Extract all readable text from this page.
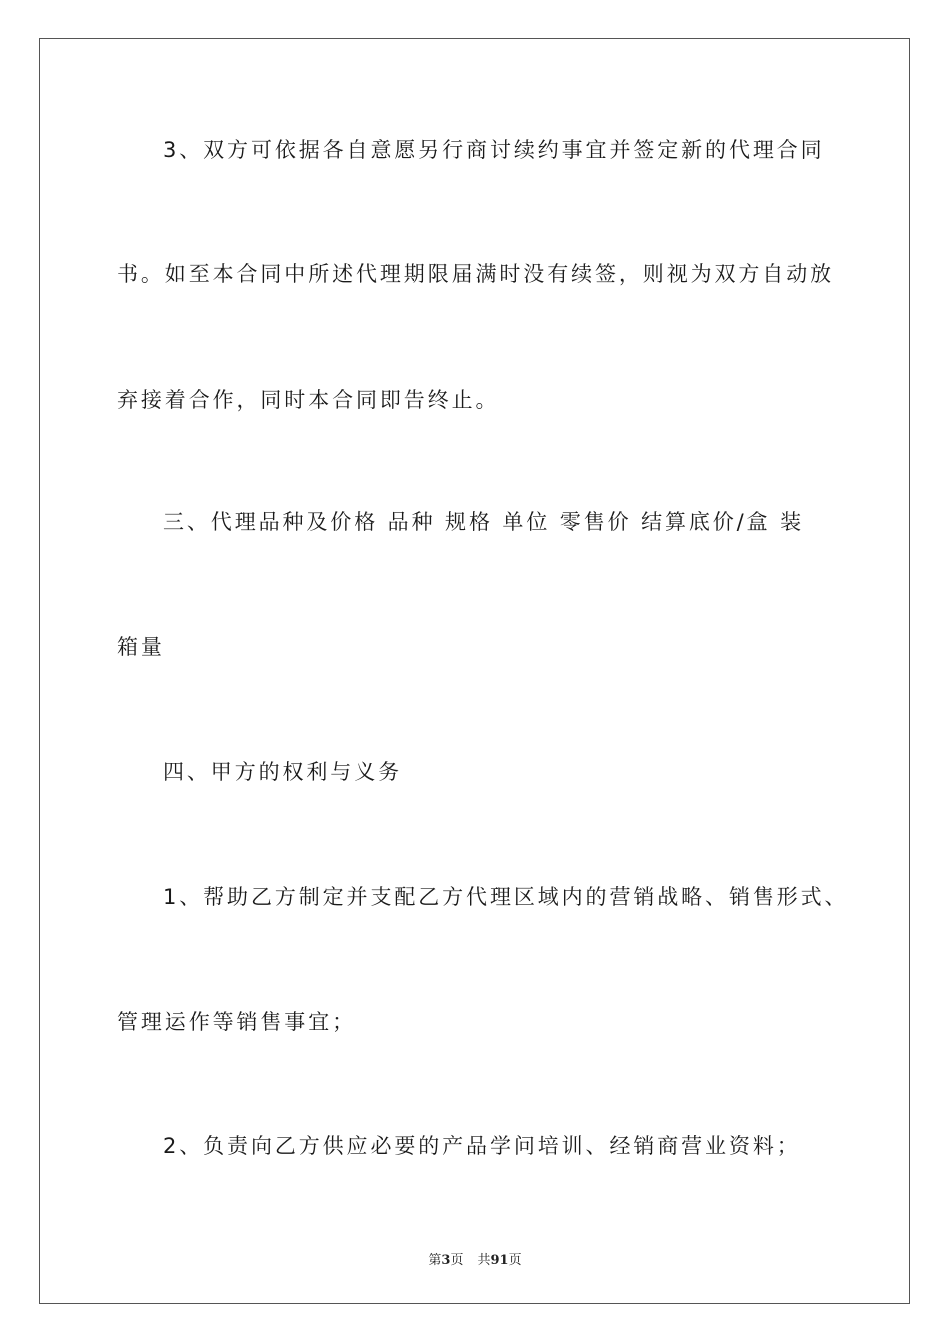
3、双方可依据各自意愿另行商讨续约事宜并签定新的代理合同
书。如至本合同中所述代理期限届满时没有续签，则视为双方自动放
弃接着合作，同时本合同即告终止。
三、代理品种及价格 品种 规格 单位 零售价 结算底价/盒 装
箱量
四、甲方的权利与义务
1、帮助乙方制定并支配乙方代理区域内的营销战略、销售形式、
管理运作等销售事宜；
2、负责向乙方供应必要的产品学问培训、经销商营业资料；
第3页 共91页
